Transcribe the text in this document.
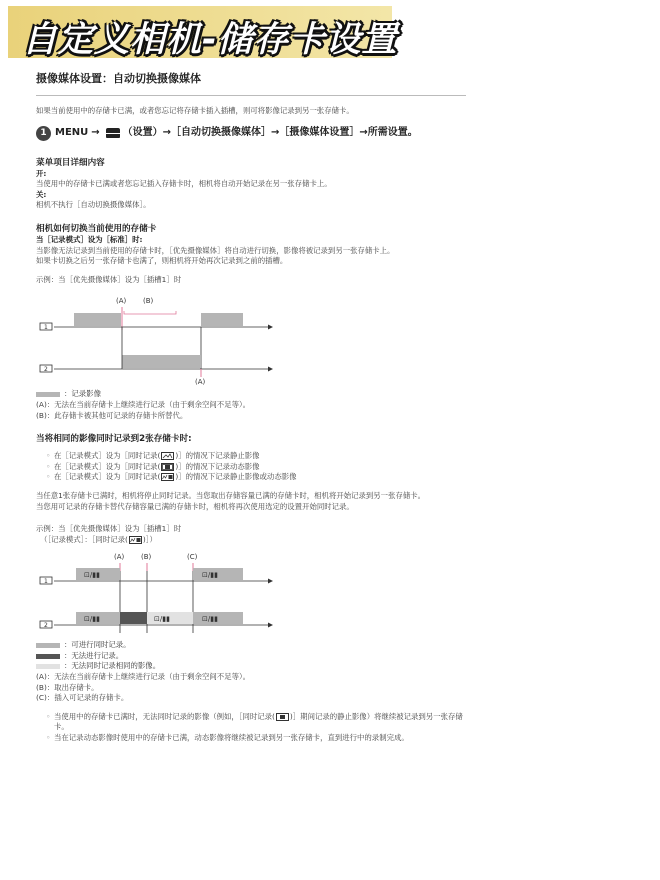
自定义相机-储存卡设置
摄像媒体设置：自动切换摄像媒体

如果当前使用中的存储卡已满，或者您忘记将存储卡插入插槽，则可将影像记录到另一张存储卡。

1 MENU → （设置）→［自动切换摄像媒体］→［摄像媒体设置］→所需设置。
菜单项目详细内容
开:
当使用中的存储卡已满或者您忘记插入存储卡时，相机将自动开始记录在另一张存储卡上。
关:
相机不执行［自动切换摄像媒体］。
相机如何切换当前使用的存储卡
当［记录模式］设为［标准］时:
当影像无法记录到当前使用的存储卡时，［优先摄像媒体］将自动进行切换，影像将被记录到另一张存储卡上。
如果卡切换之后另一张存储卡也满了，则相机将开始再次记录到之前的插槽。
示例：当［优先摄像媒体］设为［插槽1］时
(A) (B)
1
2
(A)
：记录影像
(A)：无法在当前存储卡上继续进行记录（由于剩余空间不足等）。
(B)：此存储卡被其他可记录的存储卡所替代。
当将相同的影像同时记录到2张存储卡时:
◦ 在［记录模式］设为［同时记录( )］的情况下记录静止影像
◦ 在［记录模式］设为［同时记录( )］的情况下记录动态影像
◦ 在［记录模式］设为［同时记录( )］的情况下记录静止影像或动态影像
当任意1张存储卡已满时，相机将停止同时记录。当您取出存储容量已满的存储卡时，相机将开始记录到另一张存储卡。
当您用可记录的存储卡替代存储容量已满的存储卡时，相机将再次使用选定的设置开始同时记录。
示例：当［优先摄像媒体］设为［插槽1］时
（［记录模式］：［同时记录( )］）
(A) (B)	(C)
1
⊡/▮▮	⊡/▮▮
2
⊡/▮▮	⊡/▮▮	⊡/▮▮
：可进行同时记录。
：无法进行记录。
：无法同时记录相同的影像。
(A)：无法在当前存储卡上继续进行记录（由于剩余空间不足等）。
(B)：取出存储卡。
(C)：插入可记录的存储卡。
◦ 当使用中的存储卡已满时，无法同时记录的影像（例如，［同时记录( )］期间记录的静止影像）将继续被记录到另一张存储卡。
◦ 当在记录动态影像时使用中的存储卡已满，动态影像将继续被记录到另一张存储卡，直到进行中的录制完成。
